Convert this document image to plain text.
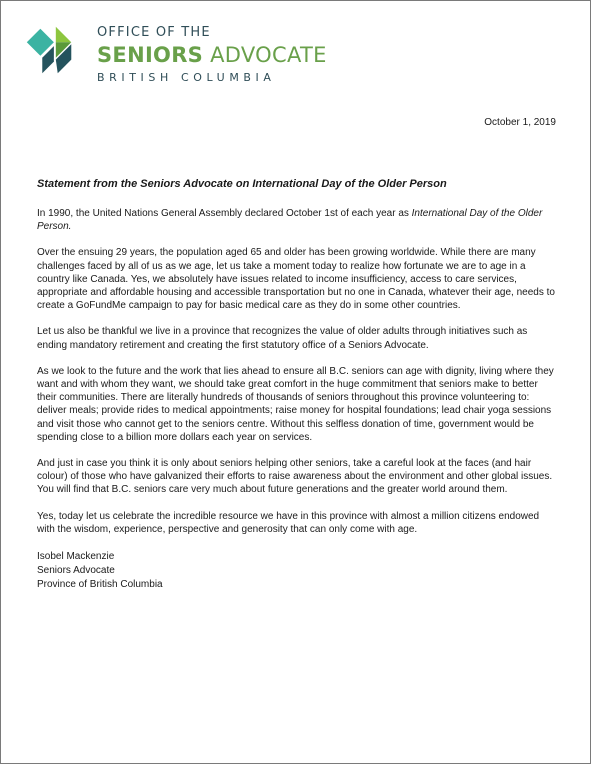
OFFICE OF THE
SENIORS ADVOCATE
BRITISH COLUMBIA
October 1, 2019
Statement from the Seniors Advocate on International Day of the Older Person

In 1990, the United Nations General Assembly declared October 1st of each year as International Day of the Older Person.

Over the ensuing 29 years, the population aged 65 and older has been growing worldwide. While there are many challenges faced by all of us as we age, let us take a moment today to realize how fortunate we are to age in a country like Canada. Yes, we absolutely have issues related to income insufficiency, access to care services, appropriate and affordable housing and accessible transportation but no one in Canada, whatever their age, needs to create a GoFundMe campaign to pay for basic medical care as they do in some other countries.

Let us also be thankful we live in a province that recognizes the value of older adults through initiatives such as ending mandatory retirement and creating the first statutory office of a Seniors Advocate.

As we look to the future and the work that lies ahead to ensure all B.C. seniors can age with dignity, living where they want and with whom they want, we should take great comfort in the huge commitment that seniors make to better their communities. There are literally hundreds of thousands of seniors throughout this province volunteering to: deliver meals; provide rides to medical appointments; raise money for hospital foundations; lead chair yoga sessions and visit those who cannot get to the seniors centre. Without this selfless donation of time, government would be spending close to a billion more dollars each year on services.

And just in case you think it is only about seniors helping other seniors, take a careful look at the faces (and hair colour) of those who have galvanized their efforts to raise awareness about the environment and other global issues. You will find that B.C. seniors care very much about future generations and the greater world around them.

Yes, today let us celebrate the incredible resource we have in this province with almost a million citizens endowed with the wisdom, experience, perspective and generosity that can only come with age.

Isobel Mackenzie
Seniors Advocate
Province of British Columbia
